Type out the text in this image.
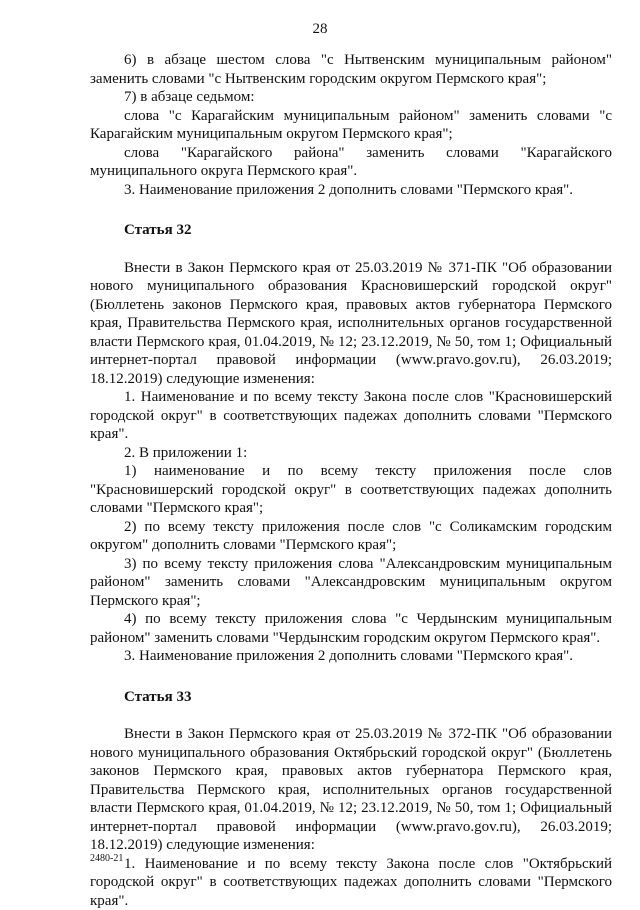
28

6) в абзаце шестом слова "с Нытвенским муниципальным районом" заменить словами "с Нытвенским городским округом Пермского края";

7) в абзаце седьмом:

слова "с Карагайским муниципальным районом" заменить словами "с Карагайским муниципальным округом Пермского края";

слова "Карагайского района" заменить словами "Карагайского муниципального округа Пермского края".

3. Наименование приложения 2 дополнить словами "Пермского края".

Статья 32

Внести в Закон Пермского края от 25.03.2019 № 371-ПК "Об образовании нового муниципального образования Красновишерский городской округ" (Бюллетень законов Пермского края, правовых актов губернатора Пермского края, Правительства Пермского края, исполнительных органов государственной власти Пермского края, 01.04.2019, № 12; 23.12.2019, № 50, том 1; Официальный интернет-портал правовой информации (www.pravo.gov.ru), 26.03.2019; 18.12.2019) следующие изменения:

1. Наименование и по всему тексту Закона после слов "Красновишерский городской округ" в соответствующих падежах дополнить словами "Пермского края".

2. В приложении 1:

1) наименование и по всему тексту приложения после слов "Красновишерский городской округ" в соответствующих падежах дополнить словами "Пермского края";

2) по всему тексту приложения после слов "с Соликамским городским округом" дополнить словами "Пермского края";

3) по всему тексту приложения слова "Александровским муниципальным районом" заменить словами "Александровским муниципальным округом Пермского края";

4) по всему тексту приложения слова "с Чердынским муниципальным районом" заменить словами "Чердынским городским округом Пермского края".

3. Наименование приложения 2 дополнить словами "Пермского края".

Статья 33

Внести в Закон Пермского края от 25.03.2019 № 372-ПК "Об образовании нового муниципального образования Октябрьский городской округ" (Бюллетень законов Пермского края, правовых актов губернатора Пермского края, Правительства Пермского края, исполнительных органов государственной власти Пермского края, 01.04.2019, № 12; 23.12.2019, № 50, том 1; Официальный интернет-портал правовой информации (www.pravo.gov.ru), 26.03.2019; 18.12.2019) следующие изменения:

1. Наименование и по всему тексту Закона после слов "Октябрьский городской округ" в соответствующих падежах дополнить словами "Пермского края".

2480-21
